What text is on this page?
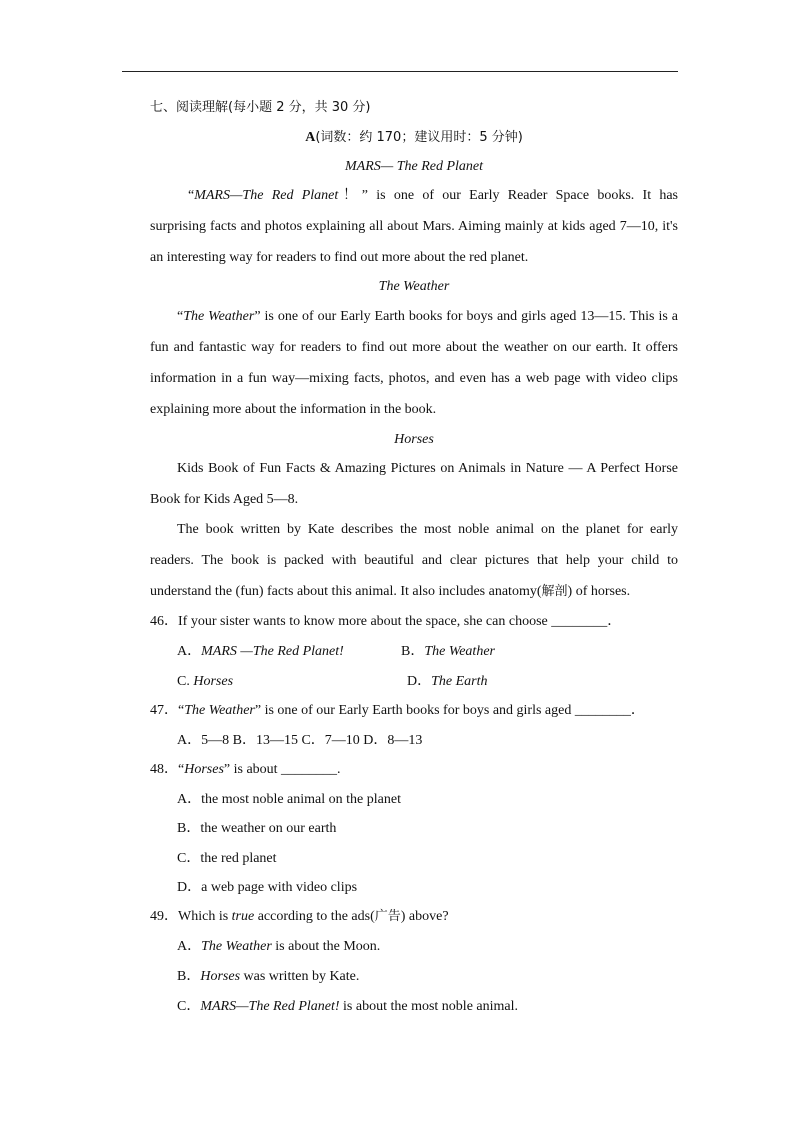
七、阅读理解(每小题 2 分，共 30 分)
A(词数：约 170；建议用时：5 分钟)
MARS— The Red Planet
“MARS—The Red Planet！” is one of our Early Reader Space books. It has
surprising facts and photos explaining all about Mars. Aiming mainly at kids aged 7—10, it's
an interesting way for readers to find out more about the red planet.
The Weather
“The Weather” is one of our Early Earth books for boys and girls aged 13—15. This is a
fun and fantastic way for readers to find out more about the weather on our earth. It offers
information in a fun way—mixing facts, photos, and even has a web page with video clips
explaining more about the information in the book.
Horses
Kids Book of Fun Facts & Amazing Pictures on Animals in Nature — A Perfect Horse
Book for Kids Aged 5—8.
The book written by Kate describes the most noble animal on the planet for early
readers. The book is packed with beautiful and clear pictures that help your child to
understand the (fun) facts about this animal. It also includes anatomy(解剖) of horses.
46．If your sister wants to know more about the space, she can choose ________．
A．MARS —The Red Planet!	B．The Weather
C. Horses	D．The Earth
47．“The Weather” is one of our Early Earth books for boys and girls aged ________．
A．5—8 B．13—15 C．7—10 D．8—13
48．“Horses” is about ________.
A．the most noble animal on the planet
B．the weather on our earth
C．the red planet
D．a web page with video clips
49．Which is true according to the ads(广告) above?
A．The Weather is about the Moon.
B．Horses was written by Kate.
C．MARS—The Red Planet! is about the most noble animal.
